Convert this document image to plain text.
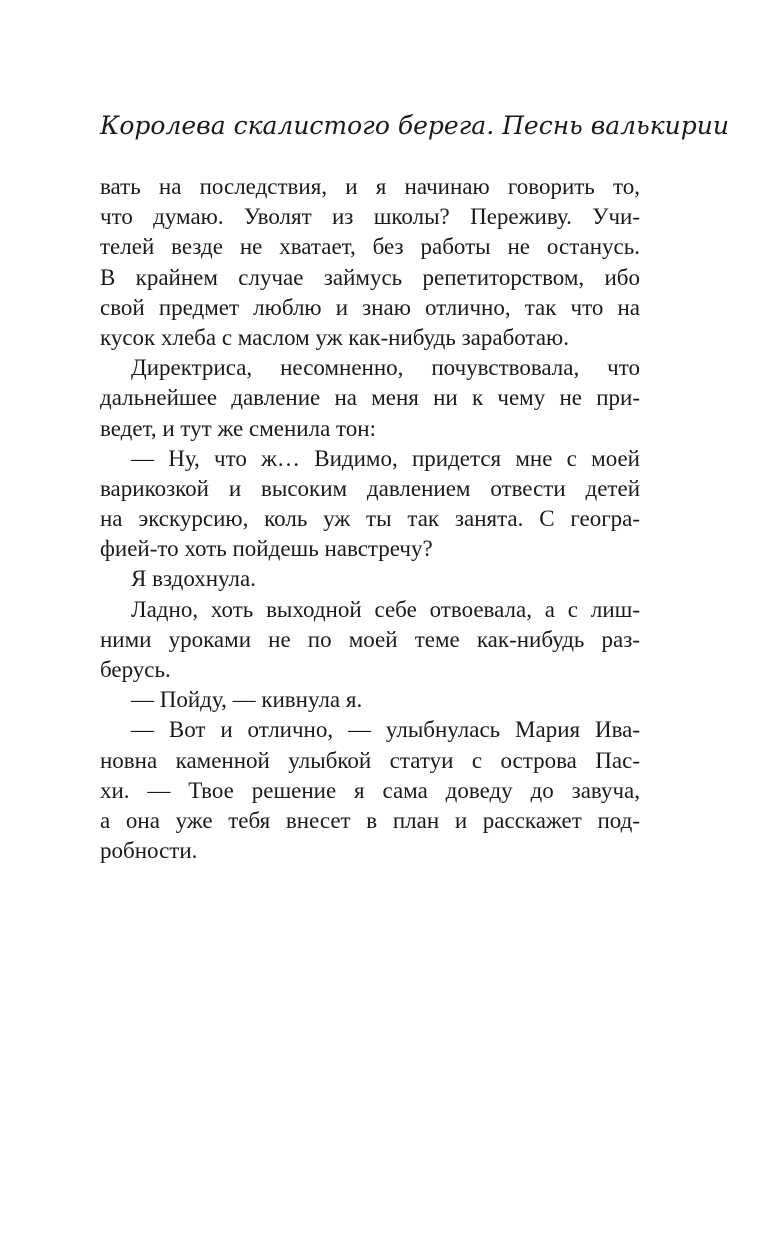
Королева скалистого берега. Песнь валькирии
вать на последствия, и я начинаю говорить то,
что думаю. Уволят из школы? Переживу. Учи-
телей везде не хватает, без работы не останусь.
В крайнем случае займусь репетиторством, ибо
свой предмет люблю и знаю отлично, так что на
кусок хлеба с маслом уж как-нибудь заработаю.
Директриса, несомненно, почувствовала, что
дальнейшее давление на меня ни к чему не при-
ведет, и тут же сменила тон:
— Ну, что ж… Видимо, придется мне с моей
варикозкой и высоким давлением отвести детей
на экскурсию, коль уж ты так занята. С геогра-
фией-то хоть пойдешь навстречу?
Я вздохнула.
Ладно, хоть выходной себе отвоевала, а с лиш-
ними уроками не по моей теме как-нибудь раз-
берусь.
— Пойду, — кивнула я.
— Вот и отлично, — улыбнулась Мария Ива-
новна каменной улыбкой статуи с острова Пас-
хи. — Твое решение я сама доведу до завуча,
а она уже тебя внесет в план и расскажет под-
робности.
